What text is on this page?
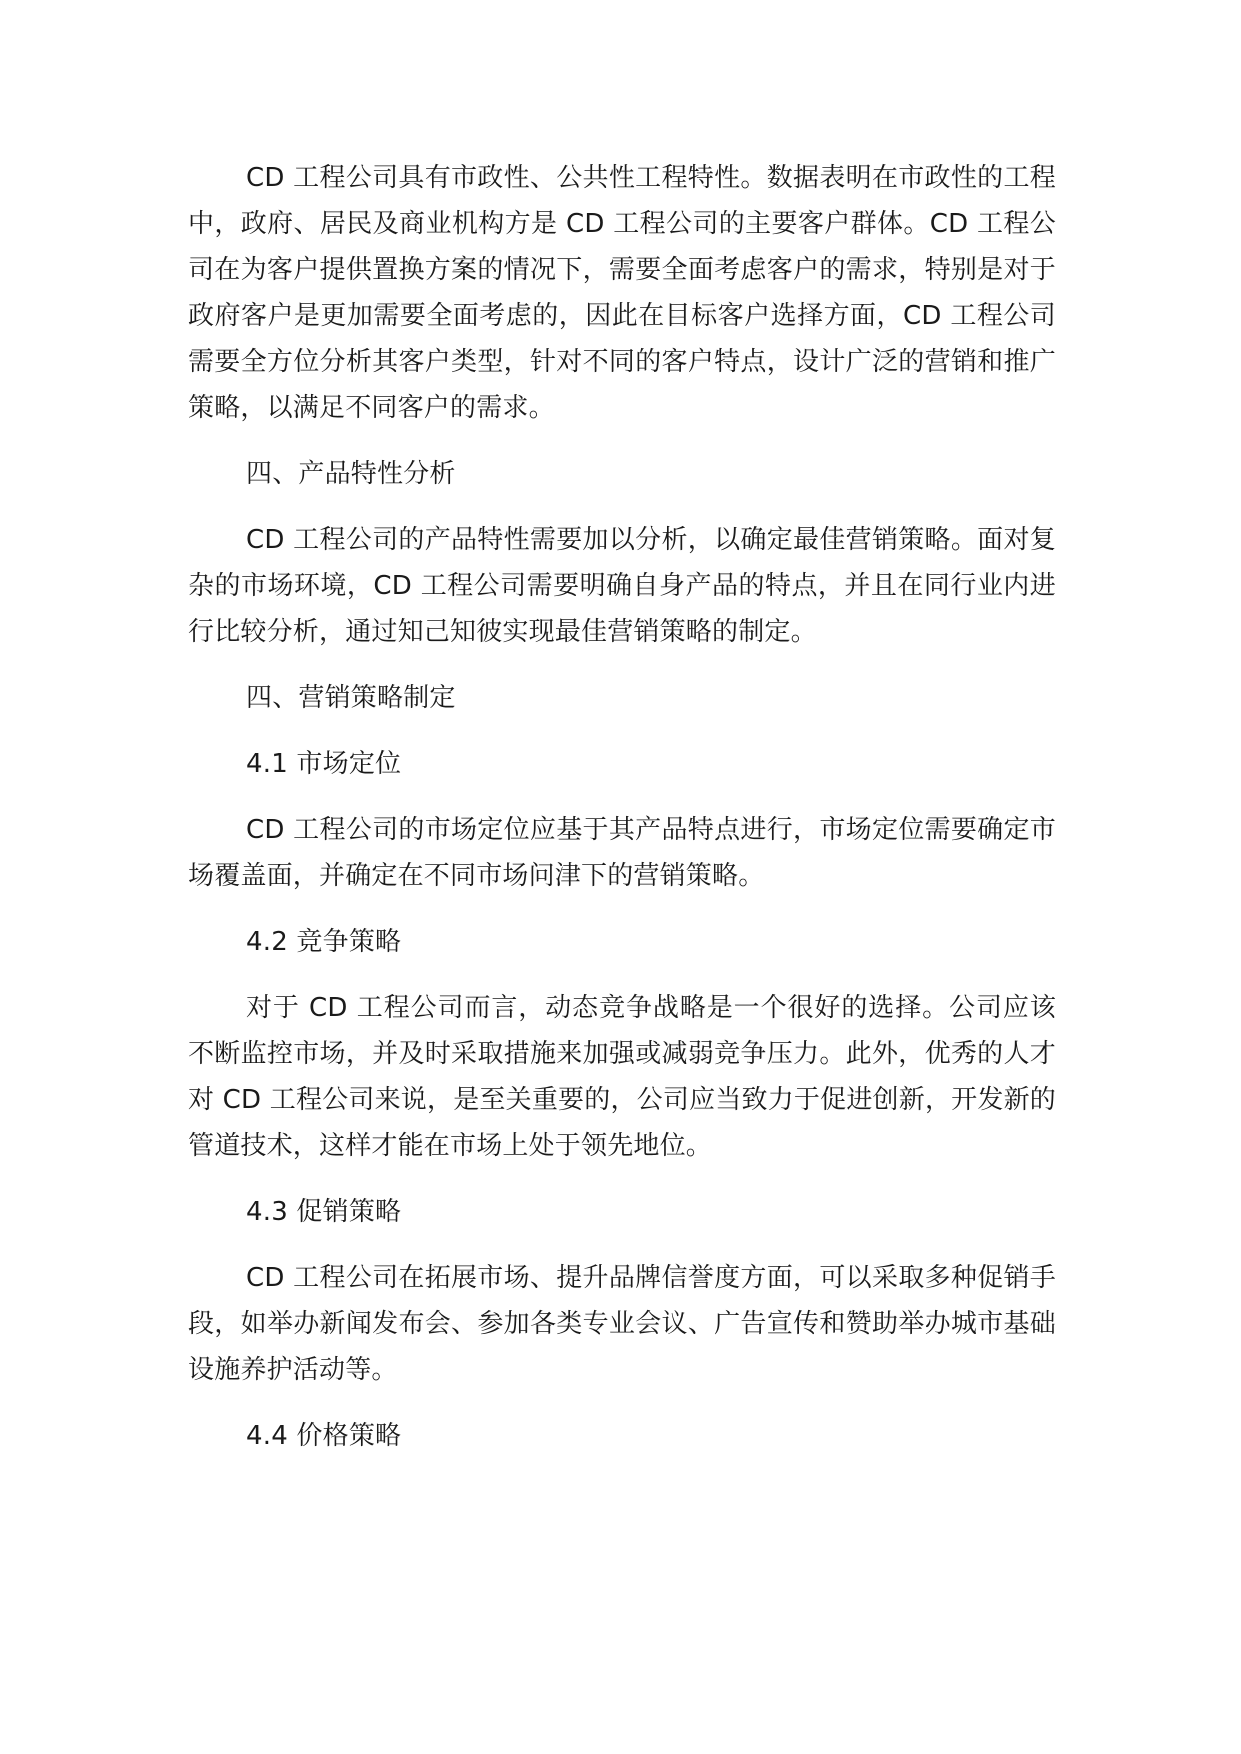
CD 工程公司具有市政性、公共性工程特性。数据表明在市政性的工程中，政府、居民及商业机构方是 CD 工程公司的主要客户群体。CD 工程公司在为客户提供置换方案的情况下，需要全面考虑客户的需求，特别是对于政府客户是更加需要全面考虑的，因此在目标客户选择方面，CD 工程公司需要全方位分析其客户类型，针对不同的客户特点，设计广泛的营销和推广策略，以满足不同客户的需求。

四、产品特性分析

CD 工程公司的产品特性需要加以分析，以确定最佳营销策略。面对复杂的市场环境，CD 工程公司需要明确自身产品的特点，并且在同行业内进行比较分析，通过知己知彼实现最佳营销策略的制定。

四、营销策略制定

4.1 市场定位

CD 工程公司的市场定位应基于其产品特点进行，市场定位需要确定市场覆盖面，并确定在不同市场问津下的营销策略。

4.2 竞争策略

对于 CD 工程公司而言，动态竞争战略是一个很好的选择。公司应该不断监控市场，并及时采取措施来加强或减弱竞争压力。此外，优秀的人才对 CD 工程公司来说，是至关重要的，公司应当致力于促进创新，开发新的管道技术，这样才能在市场上处于领先地位。

4.3 促销策略

CD 工程公司在拓展市场、提升品牌信誉度方面，可以采取多种促销手段，如举办新闻发布会、参加各类专业会议、广告宣传和赞助举办城市基础设施养护活动等。

4.4 价格策略
